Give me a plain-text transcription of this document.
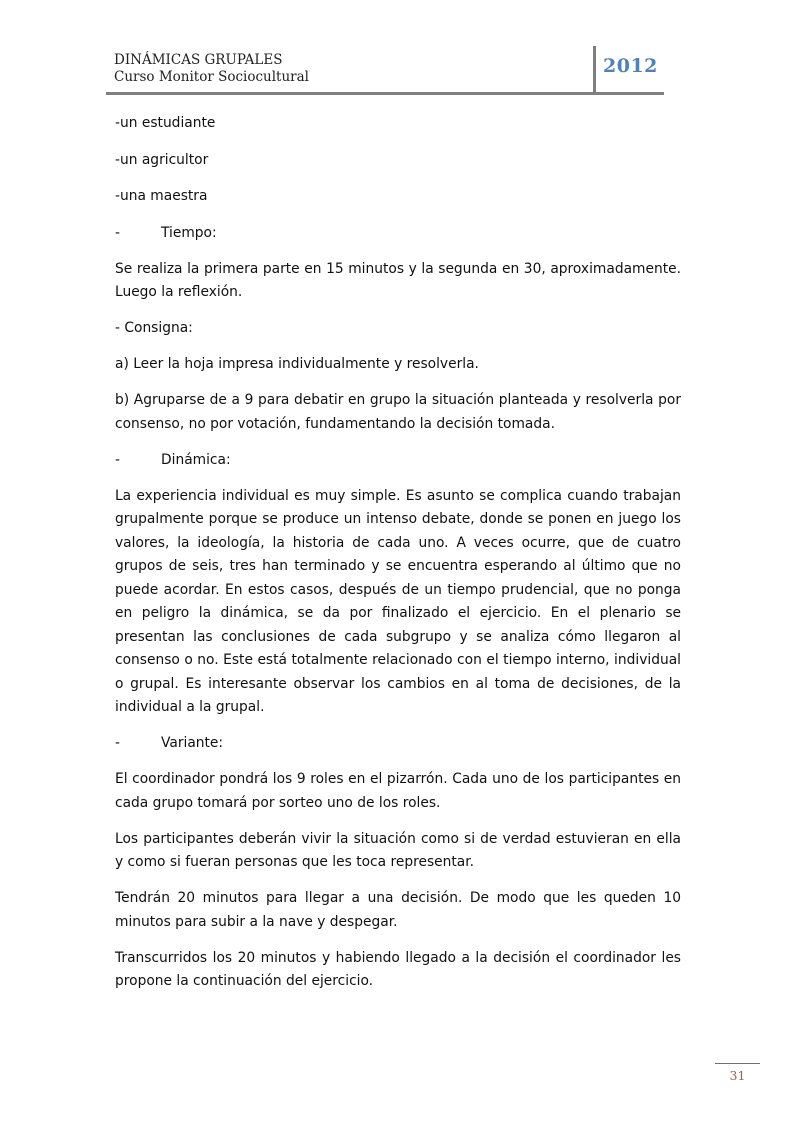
DINÁMICAS GRUPALES
Curso Monitor Sociocultural	2012

-un estudiante

-un agricultor

-una maestra

-	Tiempo:

Se realiza la primera parte en 15 minutos y la segunda en 30, aproximadamente. Luego la reflexión.

- Consigna:

a) Leer la hoja impresa individualmente y resolverla.

b) Agruparse de a 9 para debatir en grupo la situación planteada y resolverla por consenso, no por votación, fundamentando la decisión tomada.

-	Dinámica:

La experiencia individual es muy simple. Es asunto se complica cuando trabajan grupalmente porque se produce un intenso debate, donde se ponen en juego los valores, la ideología, la historia de cada uno. A veces ocurre, que de cuatro grupos de seis, tres han terminado y se encuentra esperando al último que no puede acordar. En estos casos, después de un tiempo prudencial, que no ponga en peligro la dinámica, se da por finalizado el ejercicio. En el plenario se presentan las conclusiones de cada subgrupo y se analiza cómo llegaron al consenso o no. Este está totalmente relacionado con el tiempo interno, individual o grupal. Es interesante observar los cambios en al toma de decisiones, de la individual a la grupal.

-	Variante:

El coordinador pondrá los 9 roles en el pizarrón. Cada uno de los participantes en cada grupo tomará por sorteo uno de los roles.

Los participantes deberán vivir la situación como si de verdad estuvieran en ella y como si fueran personas que les toca representar.

Tendrán 20 minutos para llegar a una decisión. De modo que les queden 10 minutos para subir a la nave y despegar.

Transcurridos los 20 minutos y habiendo llegado a la decisión el coordinador les propone la continuación del ejercicio.

31
